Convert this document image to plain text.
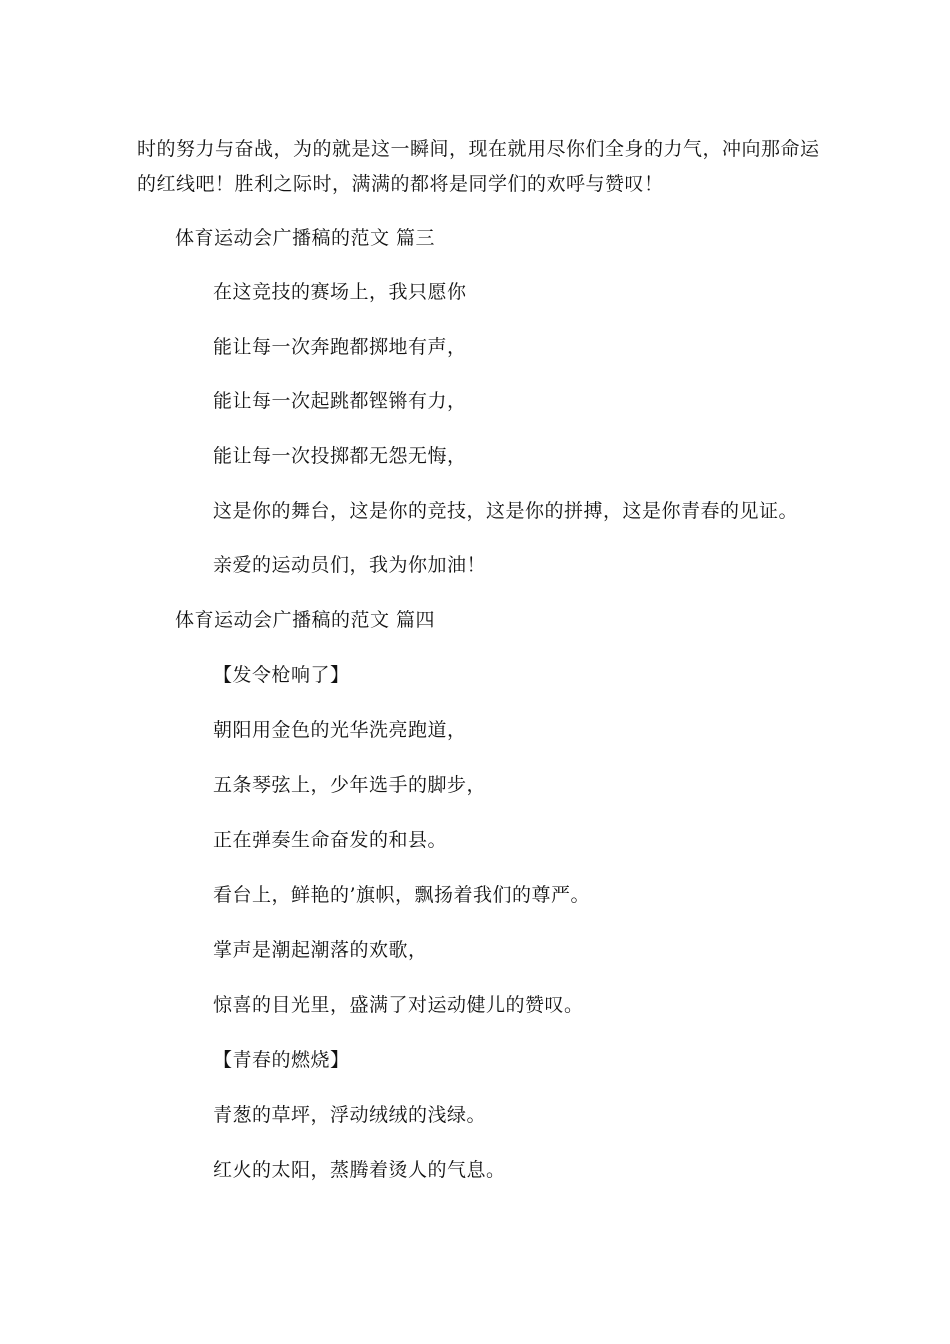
时的努力与奋战，为的就是这一瞬间，现在就用尽你们全身的力气，冲向那命运
的红线吧！胜利之际时，满满的都将是同学们的欢呼与赞叹！
体育运动会广播稿的范文 篇三
在这竞技的赛场上，我只愿你
能让每一次奔跑都掷地有声，
能让每一次起跳都铿锵有力，
能让每一次投掷都无怨无悔，
这是你的舞台，这是你的竞技，这是你的拼搏，这是你青春的见证。
亲爱的运动员们，我为你加油！
体育运动会广播稿的范文 篇四
【发令枪响了】
朝阳用金色的光华洗亮跑道，
五条琴弦上，少年选手的脚步，
正在弹奏生命奋发的和县。
看台上，鲜艳的’旗帜，飘扬着我们的尊严。
掌声是潮起潮落的欢歌，
惊喜的目光里，盛满了对运动健儿的赞叹。
【青春的燃烧】
青葱的草坪，浮动绒绒的浅绿。
红火的太阳，蒸腾着烫人的气息。
